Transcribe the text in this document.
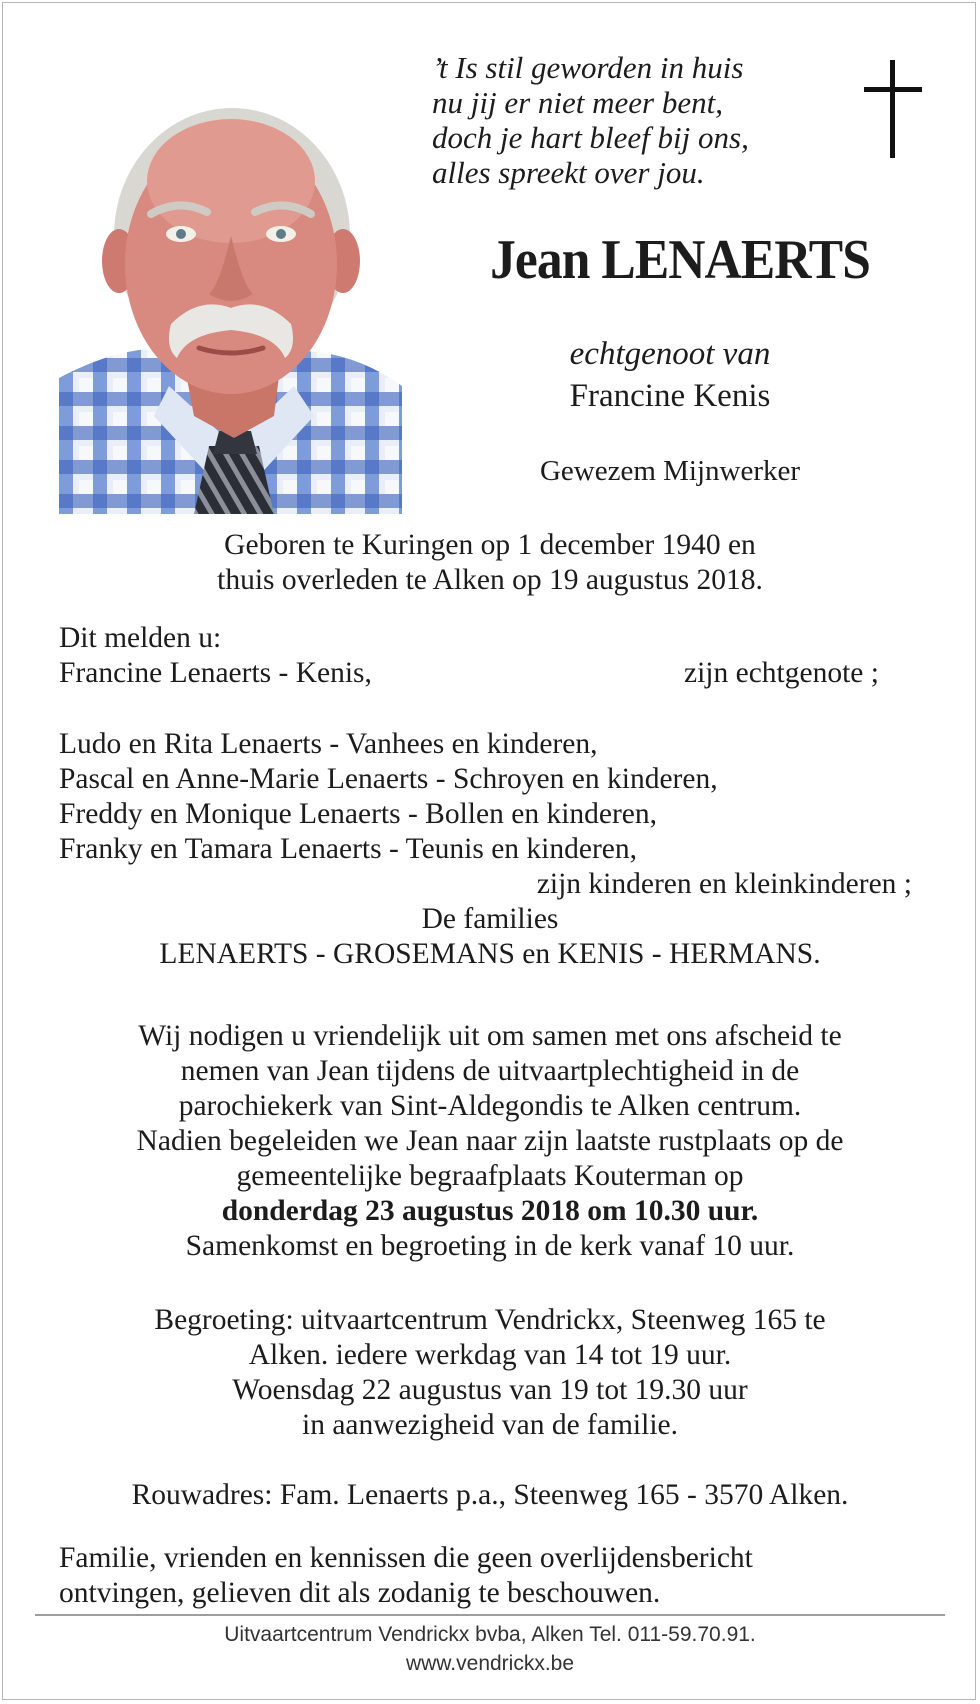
’t Is stil geworden in huis
nu jij er niet meer bent,
doch je hart bleef bij ons,
alles spreekt over jou.
Jean LENAERTS
echtgenoot van
Francine Kenis
Gewezem Mijnwerker
Geboren te Kuringen op 1 december 1940 en
thuis overleden te Alken op 19 augustus 2018.
Dit melden u:
Francine Lenaerts - Kenis,	zijn echtgenote ;
Ludo en Rita Lenaerts - Vanhees en kinderen,
Pascal en Anne-Marie Lenaerts - Schroyen en kinderen,
Freddy en Monique Lenaerts - Bollen en kinderen,
Franky en Tamara Lenaerts - Teunis en kinderen,
zijn kinderen en kleinkinderen ;
De families
LENAERTS - GROSEMANS en KENIS - HERMANS.
Wij nodigen u vriendelijk uit om samen met ons afscheid te
nemen van Jean tijdens de uitvaartplechtigheid in de
parochiekerk van Sint-Aldegondis te Alken centrum.
Nadien begeleiden we Jean naar zijn laatste rustplaats op de
gemeentelijke begraafplaats Kouterman op
donderdag 23 augustus 2018 om 10.30 uur.
Samenkomst en begroeting in de kerk vanaf 10 uur.
Begroeting: uitvaartcentrum Vendrickx, Steenweg 165 te
Alken. iedere werkdag van 14 tot 19 uur.
Woensdag 22 augustus van 19 tot 19.30 uur
in aanwezigheid van de familie.
Rouwadres: Fam. Lenaerts p.a., Steenweg 165 - 3570 Alken.
Familie, vrienden en kennissen die geen overlijdensbericht
ontvingen, gelieven dit als zodanig te beschouwen.
Uitvaartcentrum Vendrickx bvba, Alken Tel. 011-59.70.91.
www.vendrickx.be
